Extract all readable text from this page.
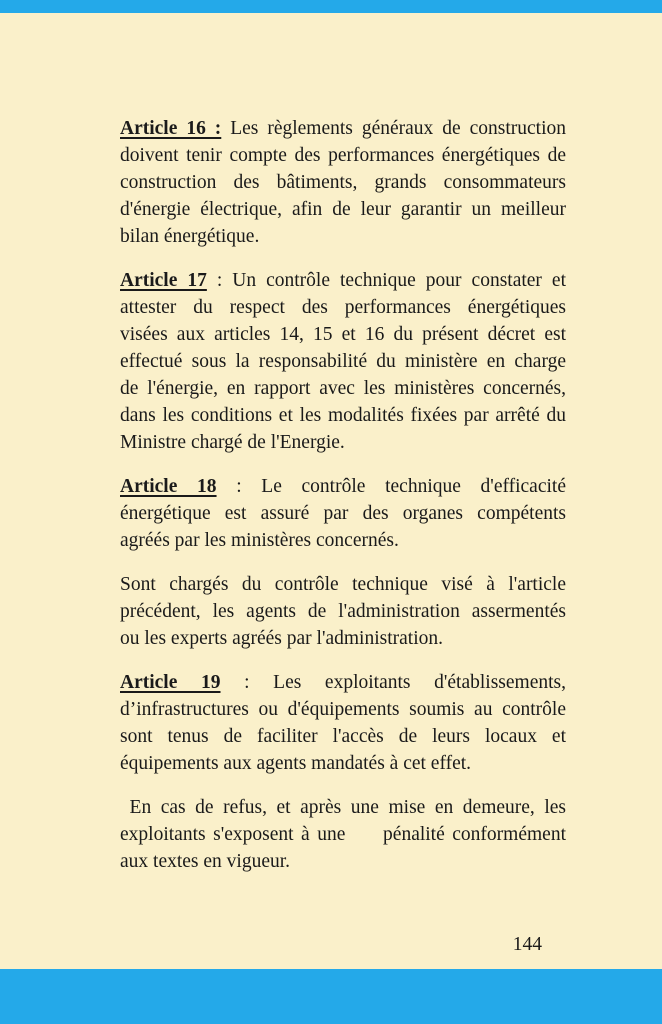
Article 16 : Les règlements généraux de construction
doivent tenir compte des performances énergétiques de
construction des bâtiments, grands consommateurs
d'énergie électrique, afin de leur garantir un meilleur
bilan énergétique.
Article 17 : Un contrôle technique pour constater et
attester du respect des performances énergétiques
visées aux articles 14, 15 et 16 du présent décret est
effectué sous la responsabilité du ministère en charge
de l'énergie, en rapport avec les ministères concernés,
dans les conditions et les modalités fixées par arrêté du
Ministre chargé de l'Energie.
Article 18 : Le contrôle technique d'efficacité
énergétique est assuré par des organes compétents
agréés par les ministères concernés.
Sont chargés du contrôle technique visé à l'article
précédent, les agents de l'administration assermentés
ou les experts agréés par l'administration.
Article 19 : Les exploitants d'établissements,
d’infrastructures ou d'équipements soumis au contrôle
sont tenus de faciliter l'accès de leurs locaux et
équipements aux agents mandatés à cet effet.
En cas de refus, et après une mise en demeure, les
exploitants s'exposent à une     pénalité conformément
aux textes en vigueur.
144
